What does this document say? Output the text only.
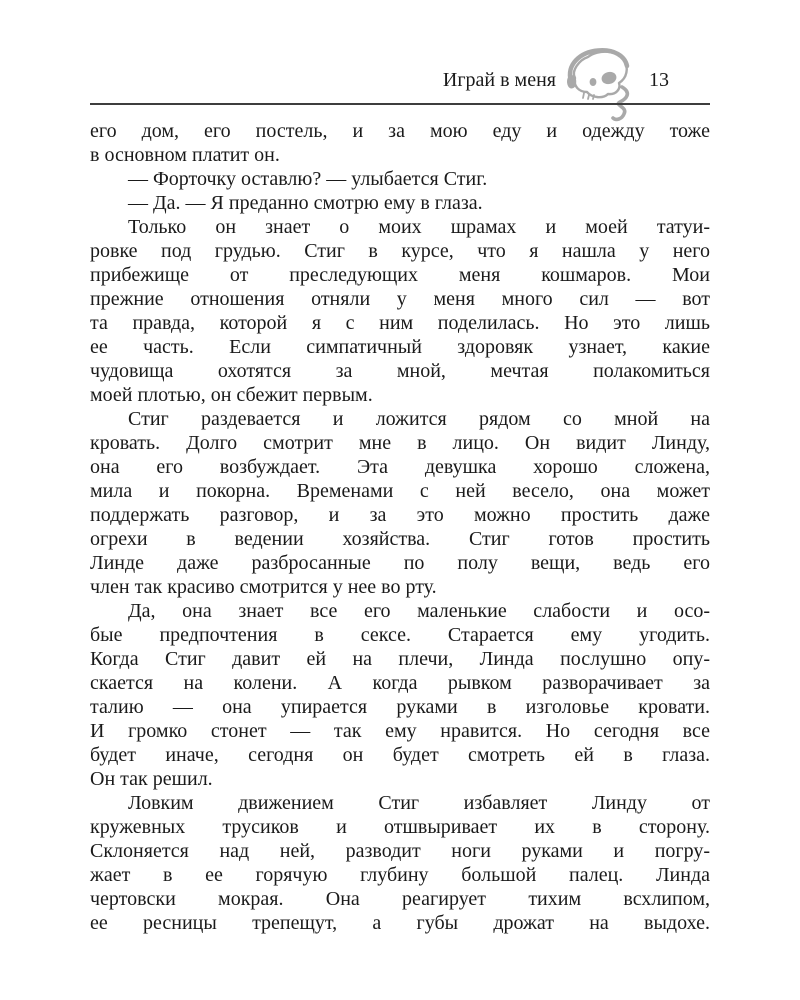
Играй в меня	13
его дом, его постель, и за мою еду и одежду тоже
в основном платит он.
— Форточку оставлю? — улыбается Стиг.
— Да. — Я преданно смотрю ему в глаза.
Только он знает о моих шрамах и моей татуи-
ровке под грудью. Стиг в курсе, что я нашла у него
прибежище от преследующих меня кошмаров. Мои
прежние отношения отняли у меня много сил — вот
та правда, которой я с ним поделилась. Но это лишь
ее часть. Если симпатичный здоровяк узнает, какие
чудовища охотятся за мной, мечтая полакомиться
моей плотью, он сбежит первым.
Стиг раздевается и ложится рядом со мной на
кровать. Долго смотрит мне в лицо. Он видит Линду,
она его возбуждает. Эта девушка хорошо сложена,
мила и покорна. Временами с ней весело, она может
поддержать разговор, и за это можно простить даже
огрехи в ведении хозяйства. Стиг готов простить
Линде даже разбросанные по полу вещи, ведь его
член так красиво смотрится у нее во рту.
Да, она знает все его маленькие слабости и осо-
бые предпочтения в сексе. Старается ему угодить.
Когда Стиг давит ей на плечи, Линда послушно опу-
скается на колени. А когда рывком разворачивает за
талию — она упирается руками в изголовье кровати.
И громко стонет — так ему нравится. Но сегодня все
будет иначе, сегодня он будет смотреть ей в глаза.
Он так решил.
Ловким движением Стиг избавляет Линду от
кружевных трусиков и отшвыривает их в сторону.
Склоняется над ней, разводит ноги руками и погру-
жает в ее горячую глубину большой палец. Линда
чертовски мокрая. Она реагирует тихим всхлипом,
ее ресницы трепещут, а губы дрожат на выдохе.
